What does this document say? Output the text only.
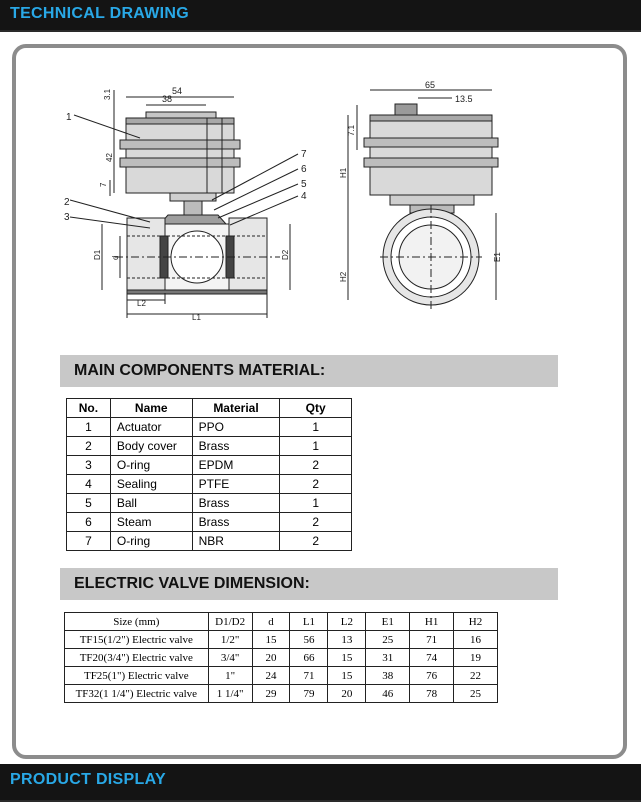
TECHNICAL DRAWING
1
2
3
7
6
5
4
54
38
3.1
42
7
D1 d	D2
L2
L1
65
13.5
7.1
H1
H2
E1
MAIN COMPONENTS MATERIAL:
No.	Name	Material	Qty
1	Actuator	PPO	1
2	Body cover	Brass	1
3	O-ring	EPDM	2
4	Sealing	PTFE	2
5	Ball	Brass	1
6	Steam	Brass	2
7	O-ring	NBR	2
ELECTRIC VALVE DIMENSION:
Size (mm)	D1/D2	d	L1	L2	E1	H1	H2
TF15(1/2") Electric valve	1/2"	15	56	13	25	71	16
TF20(3/4") Electric valve	3/4"	20	66	15	31	74	19
TF25(1") Electric valve	1"	24	71	15	38	76	22
TF32(1 1/4") Electric valve	1 1/4"	29	79	20	46	78	25
PRODUCT DISPLAY
